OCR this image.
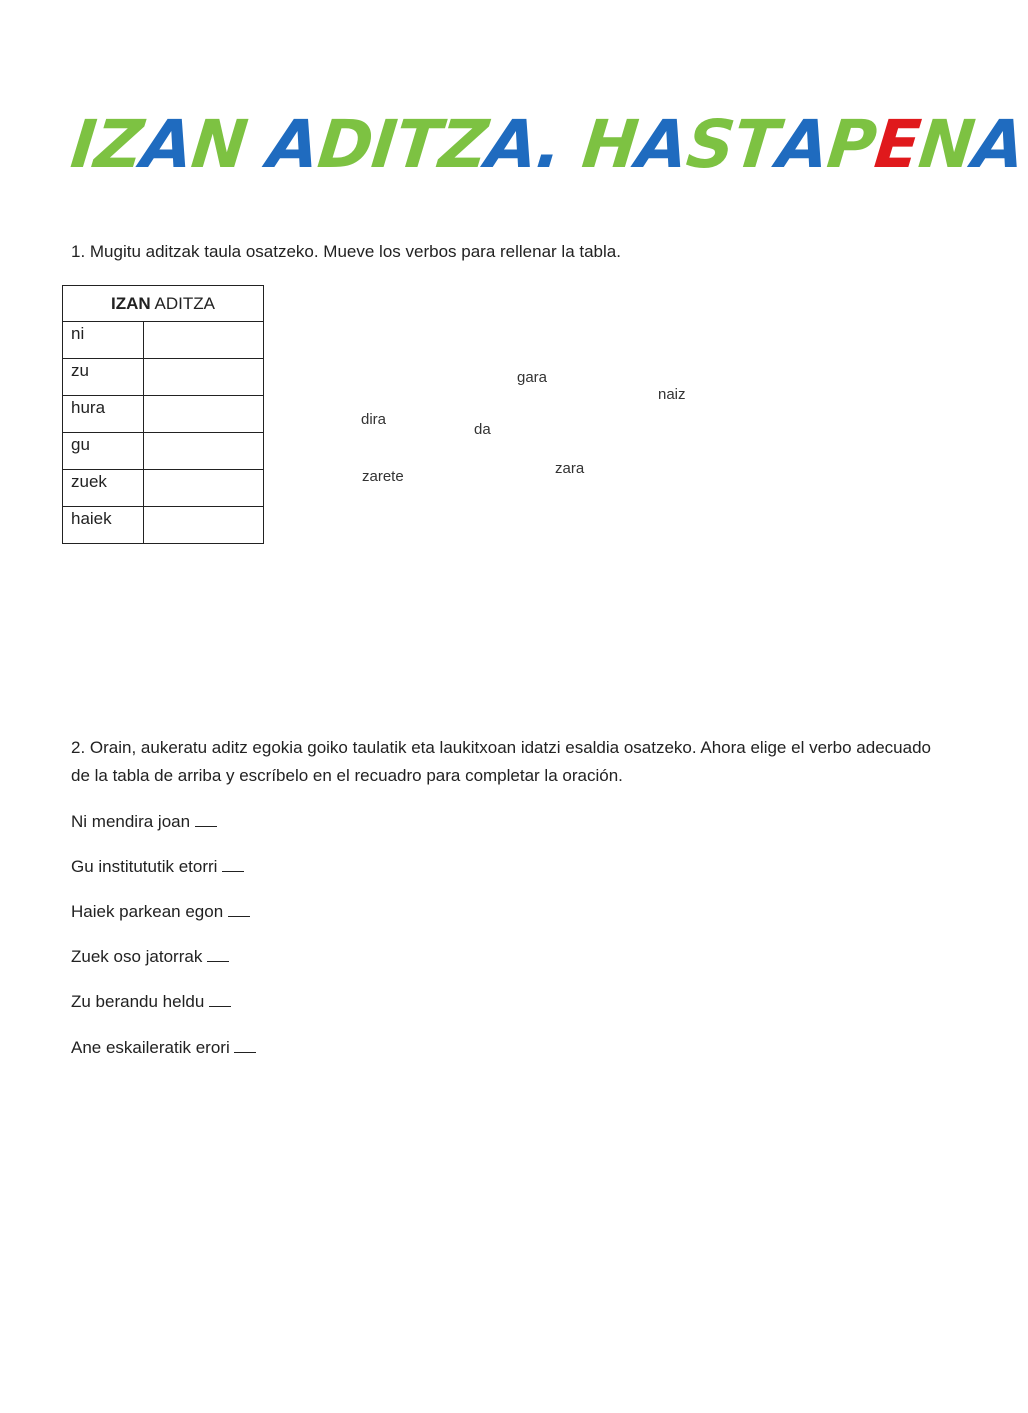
IZAN ADITZA. HASTAPENA

1. Mugitu aditzak taula osatzeko. Mueve los verbos para rellenar la tabla.

IZAN ADITZA	
ni	
zu	
hura	
gu	
zuek	
haiek	
gara
naiz
dira
da
zarete	zara

2. Orain, aukeratu aditz egokia goiko taulatik eta laukitxoan idatzi esaldia osatzeko. Ahora elige el verbo adecuado de la tabla de arriba y escríbelo en el recuadro para completar la oración.

Ni mendira joan

Gu institututik etorri

Haiek parkean egon

Zuek oso jatorrak

Zu berandu heldu

Ane eskaileratik erori
